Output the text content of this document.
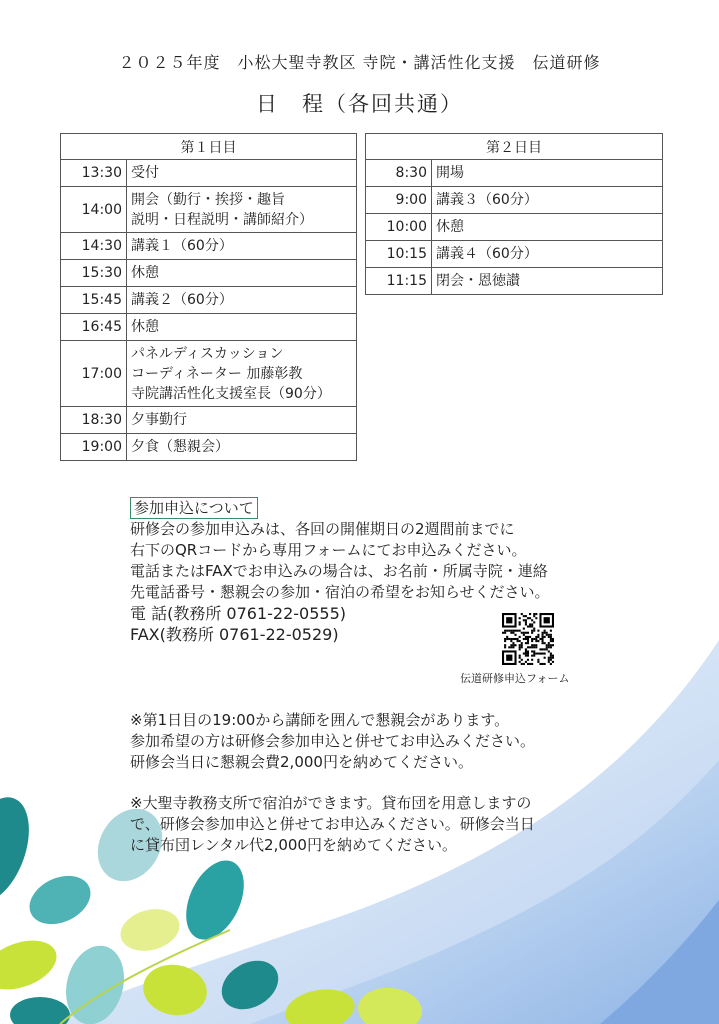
２０２５年度　小松大聖寺教区 寺院・講活性化支援　伝道研修
日　程（各回共通）
第１日目	
13:30	受付

14:00	開会（勤行・挨拶・趣旨
説明・日程説明・講師紹介）

14:30	講義１（60分）

15:30	休憩

15:45	講義２（60分）

16:45	休憩

17:00	パネルディスカッション
コーディネーター 加藤彰教
寺院講活性化支援室長（90分）

18:30	夕事勤行

19:00	夕食（懇親会）
第２日目	
8:30	開場

9:00	講義３（60分）

10:00	休憩

10:15	講義４（60分）

11:15	閉会・恩徳讃
参加申込について
研修会の参加申込みは、各回の開催期日の2週間前までに
右下のQRコードから専用フォームにてお申込みください。
電話またはFAXでお申込みの場合は、お名前・所属寺院・連絡
先電話番号・懇親会の参加・宿泊の希望をお知らせください。
電 話(教務所 0761-22-0555)
FAX(教務所 0761-22-0529)
伝道研修申込フォーム
※第1日目の19:00から講師を囲んで懇親会があります。
参加希望の方は研修会参加申込と併せてお申込みください。
研修会当日に懇親会費2,000円を納めてください。
※大聖寺教務支所で宿泊ができます。貸布団を用意しますの
で、研修会参加申込と併せてお申込みください。研修会当日
に貸布団レンタル代2,000円を納めてください。
